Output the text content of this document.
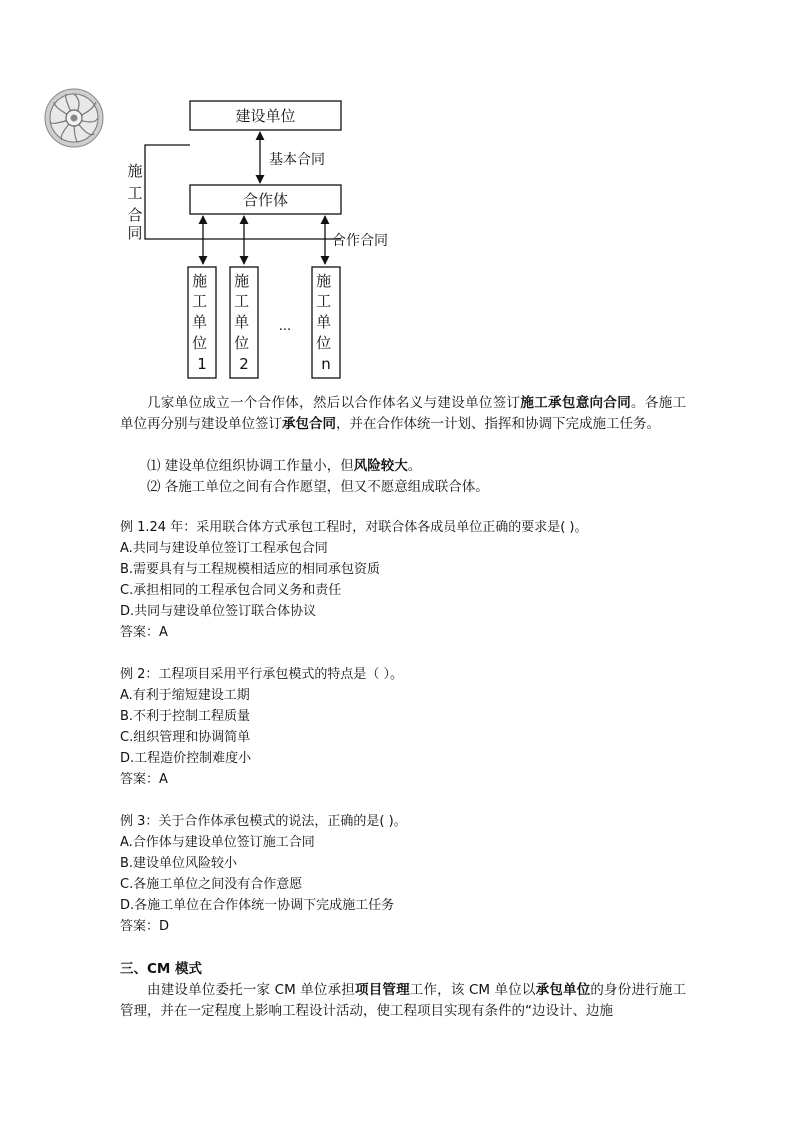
建设单位
合作体
基本合同
施工合同	合作合同
施 工 单 位 1
施 工 单 位 2
...
施 工 单 位 n

几家单位成立一个合作体，然后以合作体名义与建设单位签订施工承包意向合同。各施工单位再分别与建设单位签订承包合同，并在合作体统一计划、指挥和协调下完成施工任务。

⑴ 建设单位组织协调工作量小，但风险较大。
⑵ 各施工单位之间有合作愿望，但又不愿意组成联合体。
例 1.24 年：采用联合体方式承包工程时，对联合体各成员单位正确的要求是( )。
A.共同与建设单位签订工程承包合同
B.需要具有与工程规模相适应的相同承包资质
C.承担相同的工程承包合同义务和责任
D.共同与建设单位签订联合体协议
答案：A
例 2：工程项目采用平行承包模式的特点是（ ）。
A.有利于缩短建设工期
B.不利于控制工程质量
C.组织管理和协调简单
D.工程造价控制难度小
答案：A
例 3：关于合作体承包模式的说法，正确的是( )。
A.合作体与建设单位签订施工合同
B.建设单位风险较小
C.各施工单位之间没有合作意愿
D.各施工单位在合作体统一协调下完成施工任务
答案：D
三、CM 模式

由建设单位委托一家 CM 单位承担项目管理工作，该 CM 单位以承包单位的身份进行施工管理，并在一定程度上影响工程设计活动，使工程项目实现有条件的“边设计、边施
